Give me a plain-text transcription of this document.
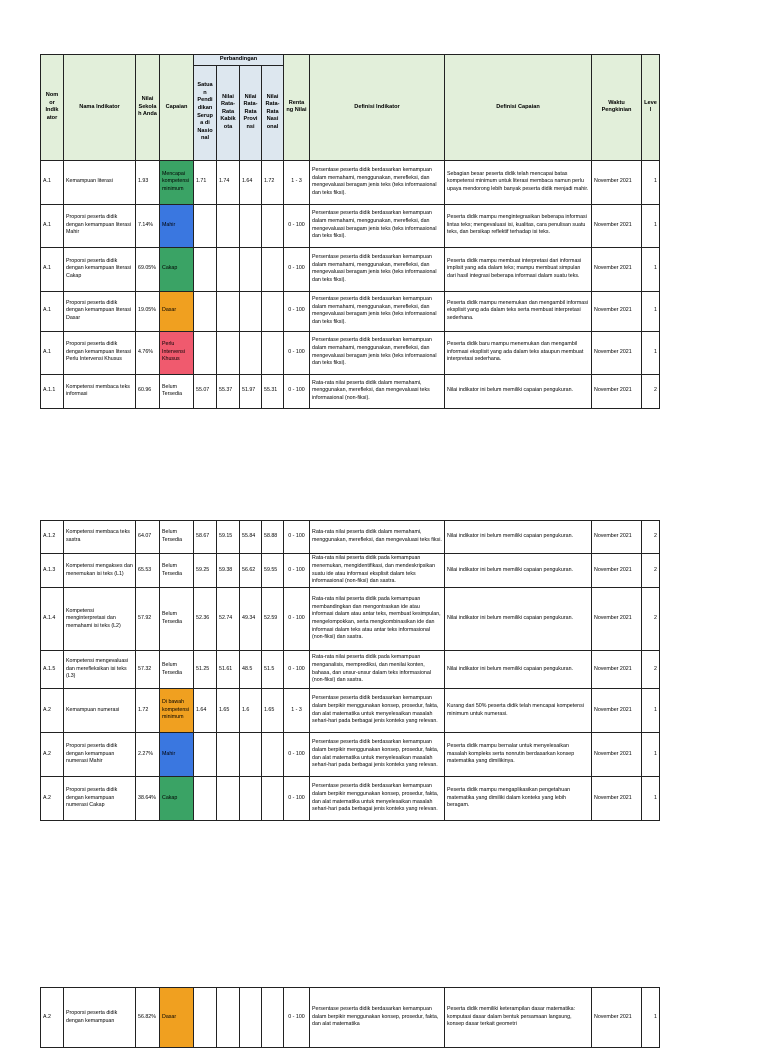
Nom or Indik ator	Nama Indikator	Nilai Sekola h Anda	Capaian	Perbandingan				Renta ng Nilai	Definisi Indikator	Definisi Capaian	Waktu Pengkinian	Leve l
				Satua n Pendi dikan Serup a di Nasio nal	Nilai Rata-Rata Kabik ota	Nilai Rata-Rata Provi nsi	Nilai Rata-Rata Nasi onal					
A.1	Kemampuan literasi	1.93	Mencapai kompetensi minimum	1.71	1.74	1.64	1.72	1 - 3	Persentase peserta didik berdasarkan kemampuan dalam memahami, menggunakan, merefleksi, dan mengevaluasi beragam jenis teks (teks informasional dan teks fiksi).	Sebagian besar peserta didik telah mencapai batas kompetensi minimum untuk literasi membaca namun perlu upaya mendorong lebih banyak peserta didik menjadi mahir.	November 2021	1
A.1	Proporsi peserta didik dengan kemampuan literasi Mahir	7.14%	Mahir					0 - 100	Persentase peserta didik berdasarkan kemampuan dalam memahami, menggunakan, merefleksi, dan mengevaluasi beragam jenis teks (teks informasional dan teks fiksi).	Peserta didik mampu mengintegrasikan beberapa informasi lintas teks; mengevaluasi isi, kualitas, cara penulisan suatu teks, dan bersikap reflektif terhadap isi teks.	November 2021	1
A.1	Proporsi peserta didik dengan kemampuan literasi Cakap	69.05%	Cakap					0 - 100	Persentase peserta didik berdasarkan kemampuan dalam memahami, menggunakan, merefleksi, dan mengevaluasi beragam jenis teks (teks informasional dan teks fiksi).	Peserta didik mampu membuat interpretasi dari informasi implisit yang ada dalam teks; mampu membuat simpulan dari hasil integrasi beberapa informasi dalam suatu teks.	November 2021	1
A.1	Proporsi peserta didik dengan kemampuan literasi Dasar	19.05%	Dasar					0 - 100	Persentase peserta didik berdasarkan kemampuan dalam memahami, menggunakan, merefleksi, dan mengevaluasi beragam jenis teks (teks informasional dan teks fiksi).	Peserta didik mampu menemukan dan mengambil informasi eksplisit yang ada dalam teks serta membuat interpretasi sederhana.	November 2021	1
A.1	Proporsi peserta didik dengan kemampuan literasi Perlu Intervensi Khusus	4.76%	Perlu Intervensi Khusus					0 - 100	Persentase peserta didik berdasarkan kemampuan dalam memahami, menggunakan, merefleksi, dan mengevaluasi beragam jenis teks (teks informasional dan teks fiksi).	Peserta didik baru mampu menemukan dan mengambil informasi eksplisit yang ada dalam teks ataupun membuat interpretasi sederhana.	November 2021	1
A.1.1	Kompetensi membaca teks informasi	60.96	Belum Tersedia	55.07	55.37	51.97	55.31	0 - 100	Rata-rata nilai peserta didik dalam memahami, menggunakan, merefleksi, dan mengevaluasi teks informasional (non-fiksi).	Nilai indikator ini belum memiliki capaian pengukuran.	November 2021	2
A.1.2	Kompetensi membaca teks sastra	64.07	Belum Tersedia	58.67	59.15	55.84	58.88	0 - 100	Rata-rata nilai peserta didik dalam memahami, menggunakan, merefleksi, dan mengevaluasi teks fiksi.	Nilai indikator ini belum memiliki capaian pengukuran.	November 2021	2
A.1.3	Kompetensi mengakses dan menemukan isi teks (L1)	65.53	Belum Tersedia	59.25	59.38	56.62	59.55	0 - 100	Rata-rata nilai peserta didik pada kemampuan menemukan, mengidentifikasi, dan mendeskripsikan suatu ide atau informasi eksplisit dalam teks informasional (non-fiksi) dan sastra.	Nilai indikator ini belum memiliki capaian pengukuran.	November 2021	2
A.1.4	Kompetensi menginterpretasi dan memahami isi teks (L2)	57.92	Belum Tersedia	52.36	52.74	49.34	52.59	0 - 100	Rata-rata nilai peserta didik pada kemampuan membandingkan dan mengontraskan ide atau informasi dalam atau antar teks, membuat kesimpulan, mengelompokkan, serta mengkombinasikan ide dan informasi dalam teks atau antar teks informasional (non-fiksi) dan sastra.	Nilai indikator ini belum memiliki capaian pengukuran.	November 2021	2
A.1.5	Kompetensi mengevaluasi dan merefleksikan isi teks (L3)	57.32	Belum Tersedia	51.25	51.61	48.5	51.5	0 - 100	Rata-rata nilai peserta didik pada kemampuan menganalisis, memprediksi, dan menilai konten, bahasa, dan unsur-unsur dalam teks informasional (non-fiksi) dan sastra.	Nilai indikator ini belum memiliki capaian pengukuran.	November 2021	2
A.2	Kemampuan numerasi	1.72	Di bawah kompetensi minimum	1.64	1.65	1.6	1.65	1 - 3	Persentase peserta didik berdasarkan kemampuan dalam berpikir menggunakan konsep, prosedur, fakta, dan alat matematika untuk menyelesaikan masalah sehari-hari pada berbagai jenis konteks yang relevan.	Kurang dari 50% peserta didik telah mencapai kompetensi minimum untuk numerasi.	November 2021	1
A.2	Proporsi peserta didik dengan kemampuan numerasi Mahir	2.27%	Mahir					0 - 100	Persentase peserta didik berdasarkan kemampuan dalam berpikir menggunakan konsep, prosedur, fakta, dan alat matematika untuk menyelesaikan masalah sehari-hari pada berbagai jenis konteks yang relevan.	Peserta didik mampu bernalar untuk menyelesaikan masalah kompleks serta nonrutin berdasarkan konsep matematika yang dimilikinya.	November 2021	1
A.2	Proporsi peserta didik dengan kemampuan numerasi Cakap	38.64%	Cakap					0 - 100	Persentase peserta didik berdasarkan kemampuan dalam berpikir menggunakan konsep, prosedur, fakta, dan alat matematika untuk menyelesaikan masalah sehari-hari pada berbagai jenis konteks yang relevan.	Peserta didik mampu mengaplikasikan pengetahuan matematika yang dimiliki dalam konteks yang lebih beragam.	November 2021	1
A.2	Proporsi peserta didik dengan kemampuan	56.82%	Dasar					0 - 100	Persentase peserta didik berdasarkan kemampuan dalam berpikir menggunakan konsep, prosedur, fakta, dan alat matematika	Peserta didik memiliki keterampilan dasar matematika: komputasi dasar dalam bentuk persamaan langsung, konsep dasar terkait geometri	November 2021	1
